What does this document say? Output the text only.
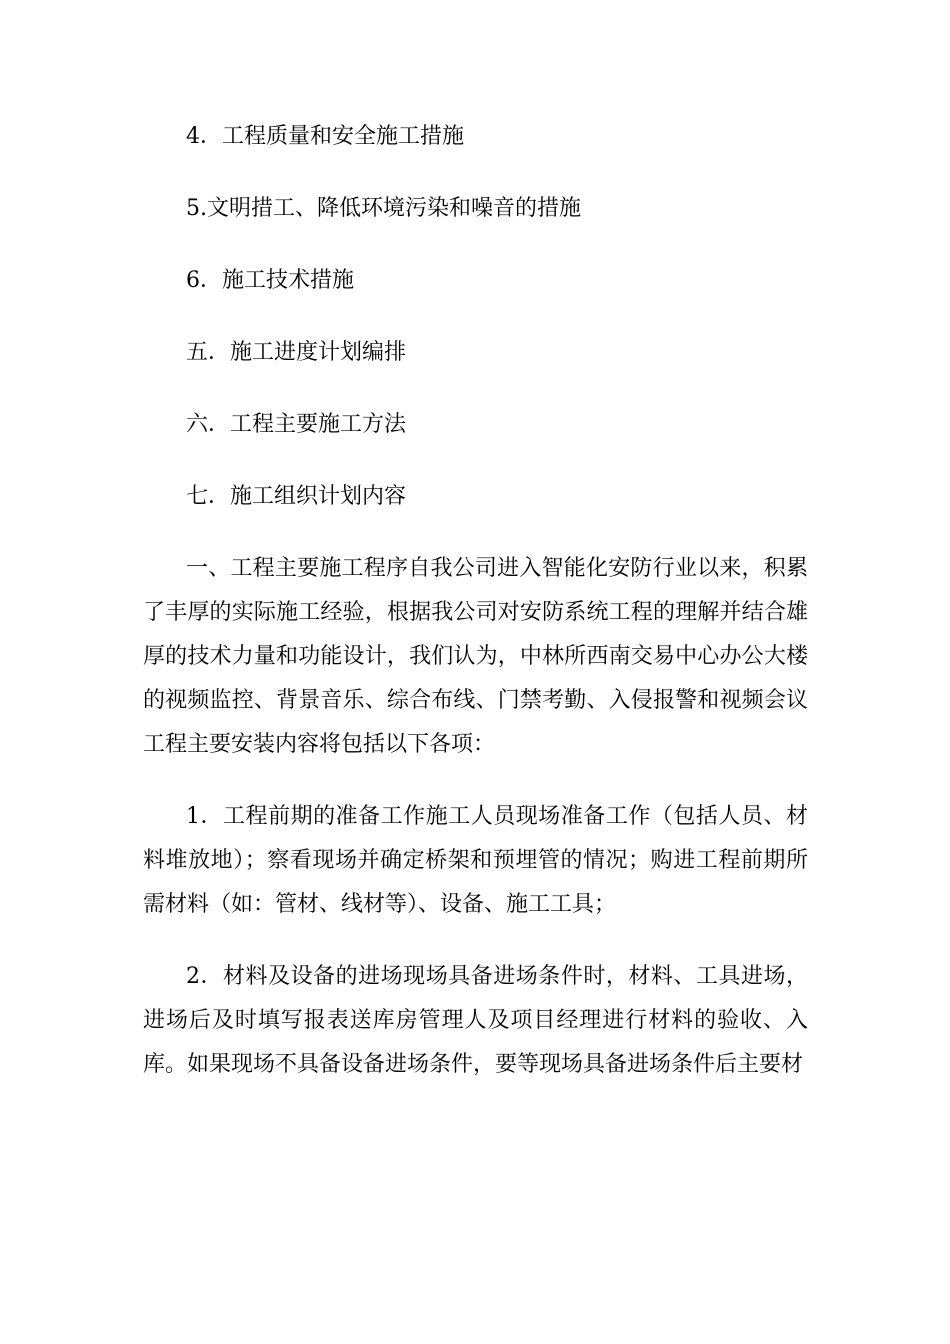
4．工程质量和安全施工措施
5.文明措工、降低环境污染和噪音的措施
6．施工技术措施
五．施工进度计划编排
六．工程主要施工方法
七．施工组织计划内容

一、工程主要施工程序自我公司进入智能化安防行业以来，积累了丰厚的实际施工经验，根据我公司对安防系统工程的理解并结合雄厚的技术力量和功能设计，我们认为，中林所西南交易中心办公大楼的视频监控、背景音乐、综合布线、门禁考勤、入侵报警和视频会议工程主要安装内容将包括以下各项：

1．工程前期的准备工作施工人员现场准备工作（包括人员、材料堆放地）；察看现场并确定桥架和预埋管的情况；购进工程前期所需材料（如：管材、线材等）、设备、施工工具；

2．材料及设备的进场现场具备进场条件时，材料、工具进场，进场后及时填写报表送库房管理人及项目经理进行材料的验收、入库。如果现场不具备设备进场条件，要等现场具备进场条件后主要材
